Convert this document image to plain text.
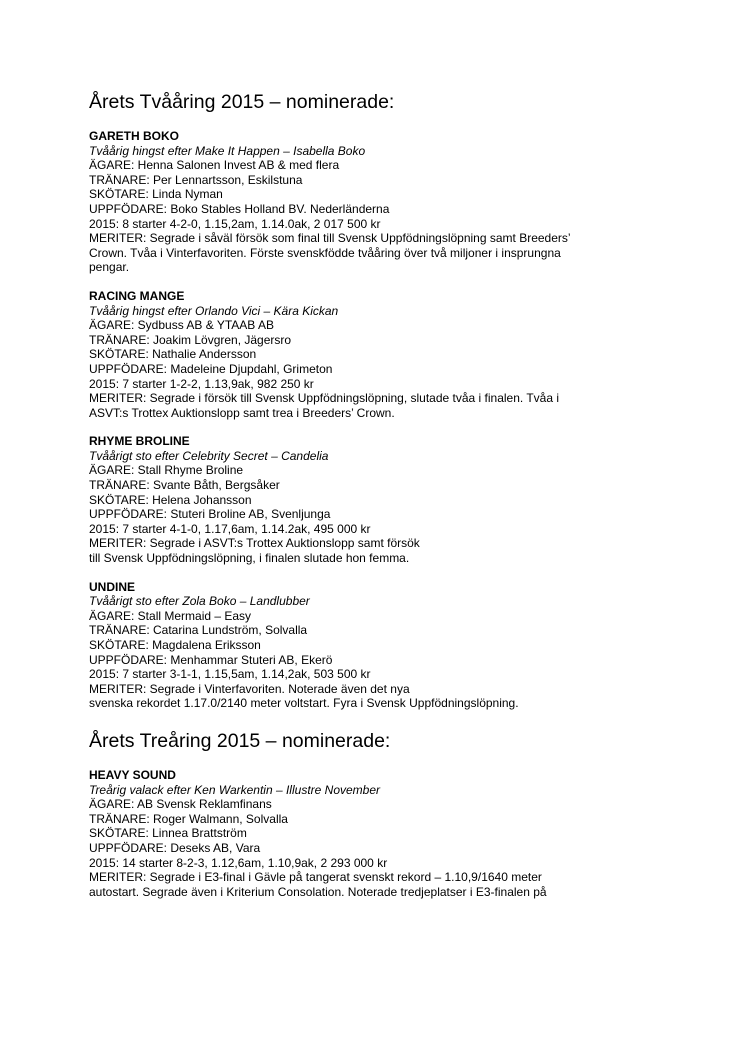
Årets Tvååring 2015 – nominerade:
GARETH BOKO
Tvåårig hingst efter Make It Happen – Isabella Boko
ÄGARE: Henna Salonen Invest AB & med flera
TRÄNARE: Per Lennartsson, Eskilstuna
SKÖTARE: Linda Nyman
UPPFÖDARE: Boko Stables Holland BV. Nederländerna
2015: 8 starter 4-2-0, 1.15,2am, 1.14.0ak, 2 017 500 kr
MERITER: Segrade i såväl försök som final till Svensk Uppfödningslöpning samt Breeders’
Crown. Tvåa i Vinterfavoriten. Förste svenskfödde tvååring över två miljoner i insprungna
pengar.
RACING MANGE
Tvåårig hingst efter Orlando Vici – Kära Kickan
ÄGARE: Sydbuss AB & YTAAB AB
TRÄNARE: Joakim Lövgren, Jägersro
SKÖTARE: Nathalie Andersson
UPPFÖDARE: Madeleine Djupdahl, Grimeton
2015: 7 starter 1-2-2, 1.13,9ak, 982 250 kr
MERITER: Segrade i försök till Svensk Uppfödningslöpning, slutade tvåa i finalen. Tvåa i
ASVT:s Trottex Auktionslopp samt trea i Breeders’ Crown.
RHYME BROLINE
Tvåårigt sto efter Celebrity Secret – Candelia
ÄGARE: Stall Rhyme Broline
TRÄNARE: Svante Båth, Bergsåker
SKÖTARE: Helena Johansson
UPPFÖDARE: Stuteri Broline AB, Svenljunga
2015: 7 starter 4-1-0, 1.17,6am, 1.14.2ak, 495 000 kr
MERITER: Segrade i ASVT:s Trottex Auktionslopp samt försök
till Svensk Uppfödningslöpning, i finalen slutade hon femma.
UNDINE
Tvåårigt sto efter Zola Boko – Landlubber
ÄGARE: Stall Mermaid – Easy
TRÄNARE: Catarina Lundström, Solvalla
SKÖTARE: Magdalena Eriksson
UPPFÖDARE: Menhammar Stuteri AB, Ekerö
2015: 7 starter 3-1-1, 1.15,5am, 1.14,2ak, 503 500 kr
MERITER: Segrade i Vinterfavoriten. Noterade även det nya
svenska rekordet 1.17.0/2140 meter voltstart. Fyra i Svensk Uppfödningslöpning.
Årets Treåring 2015 – nominerade:
HEAVY SOUND
Treårig valack efter Ken Warkentin – Illustre November
ÄGARE: AB Svensk Reklamfinans
TRÄNARE: Roger Walmann, Solvalla
SKÖTARE: Linnea Brattström
UPPFÖDARE: Deseks AB, Vara
2015: 14 starter 8-2-3, 1.12,6am, 1.10,9ak, 2 293 000 kr
MERITER: Segrade i E3-final i Gävle på tangerat svenskt rekord – 1.10,9/1640 meter
autostart. Segrade även i Kriterium Consolation. Noterade tredjeplatser i E3-finalen på
